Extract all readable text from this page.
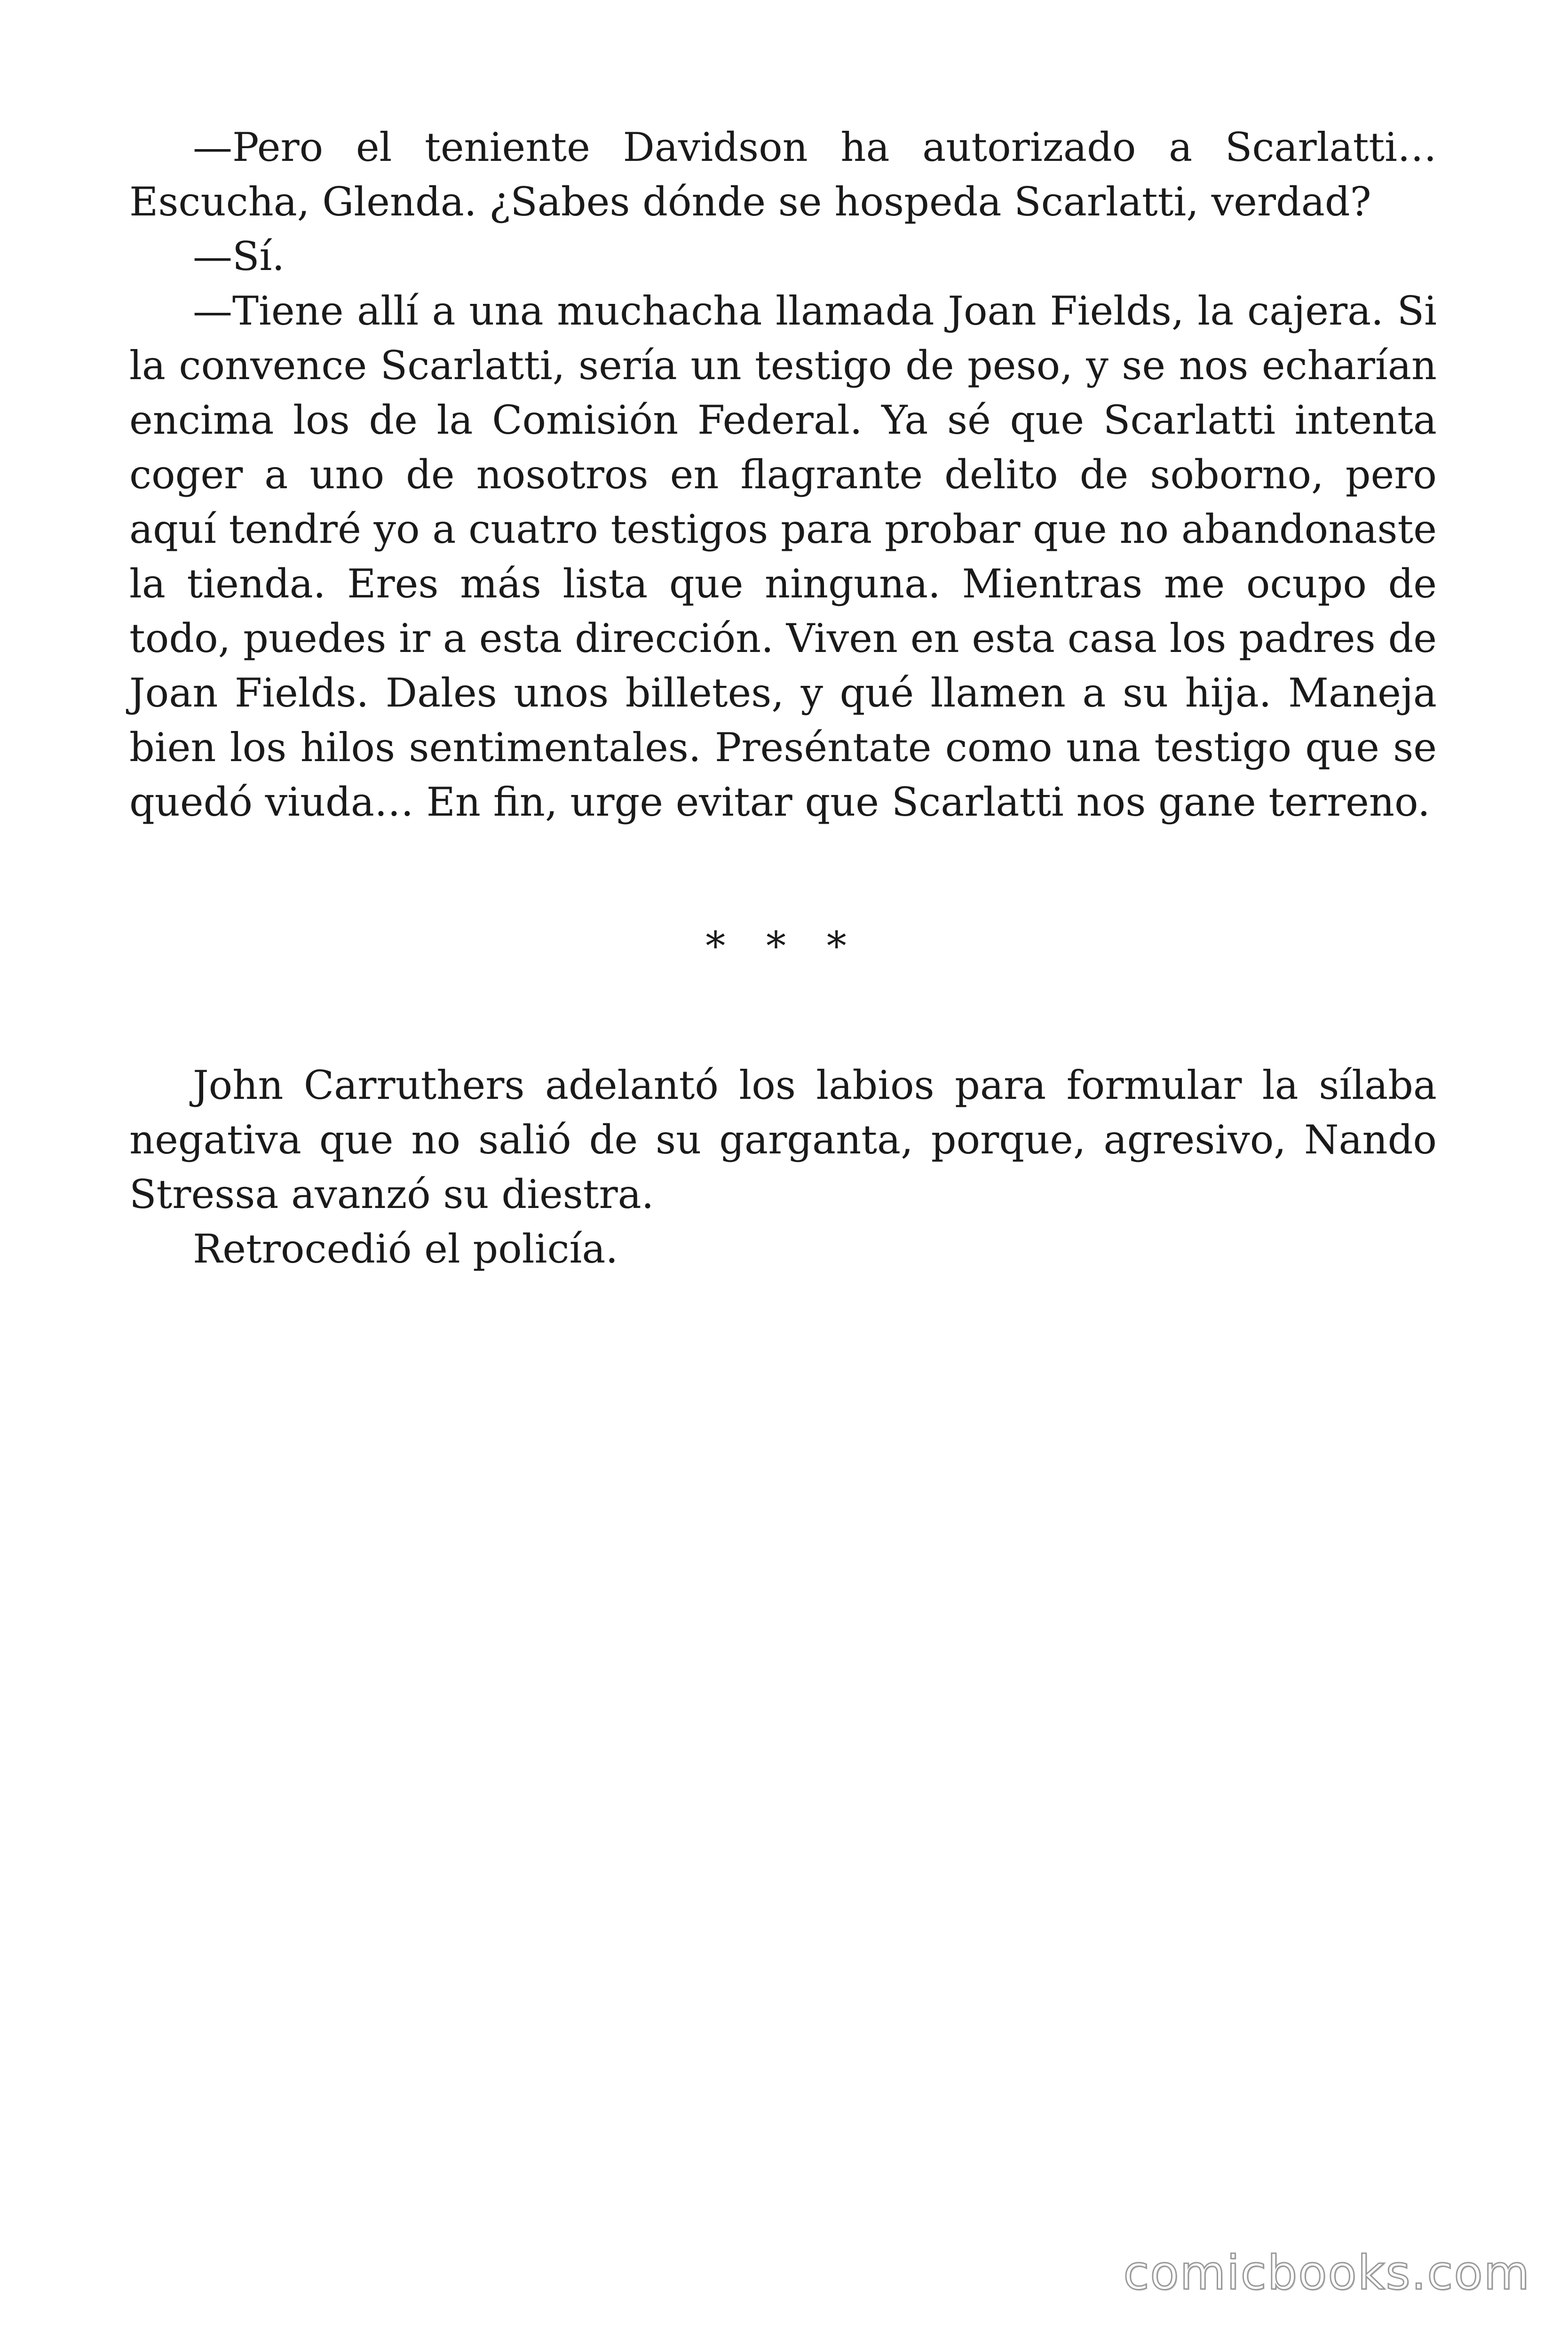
—Pero el teniente Davidson ha autorizado a Scarlatti… Escucha, Glenda. ¿Sabes dónde se hospeda Scarlatti, verdad?

—Sí.

—Tiene allí a una muchacha llamada Joan Fields, la cajera. Si la convence Scarlatti, sería un testigo de peso, y se nos echarían encima los de la Comisión Federal. Ya sé que Scarlatti intenta coger a uno de nosotros en flagrante delito de soborno, pero aquí tendré yo a cuatro testigos para probar que no abandonaste la tienda. Eres más lista que ninguna. Mientras me ocupo de todo, puedes ir a esta dirección. Viven en esta casa los padres de Joan Fields. Dales unos billetes, y qué llamen a su hija. Maneja bien los hilos sentimentales. Preséntate como una testigo que se quedó viuda… En fin, urge evitar que Scarlatti nos gane terreno.

* * *

John Carruthers adelantó los labios para formular la sílaba negativa que no salió de su garganta, porque, agresivo, Nando Stressa avanzó su diestra.

Retrocedió el policía.

comicbooks.com
